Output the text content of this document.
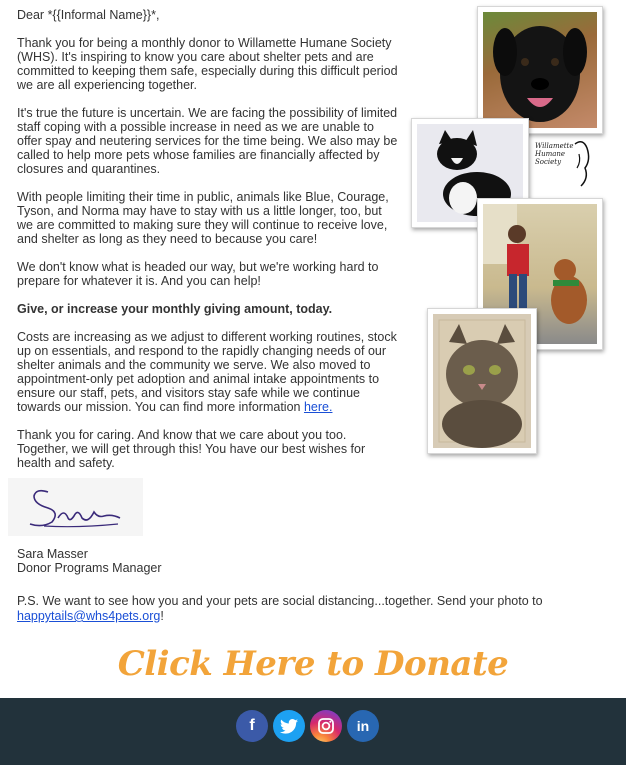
Dear *{{Informal Name}}*,

Thank you for being a monthly donor to Willamette Humane Society (WHS). It's inspiring to know you care about shelter pets and are committed to keeping them safe, especially during this difficult period we are all experiencing together.

It's true the future is uncertain. We are facing the possibility of limited staff coping with a possible increase in need as we are unable to offer spay and neutering services for the time being. We also may be called to help more pets whose families are financially affected by closures and quarantines.

With people limiting their time in public, animals like Blue, Courage, Tyson, and Norma may have to stay with us a little longer, too, but we are committed to making sure they will continue to receive love, and shelter as long as they need to because you care!

We don't know what is headed our way, but we're working hard to prepare for whatever it is. And you can help!

Give, or increase your monthly giving amount, today.

Costs are increasing as we adjust to different working routines, stock up on essentials, and respond to the rapidly changing needs of our shelter animals and the community we serve. We also moved to appointment-only pet adoption and animal intake appointments to ensure our staff, pets, and visitors stay safe while we continue towards our mission. You can find more information here.

Thank you for caring. And know that we care about you too. Together, we will get through this! You have our best wishes for health and safety.

Willamette
Humane
Society
Sara Masser
Donor Programs Manager
P.S. We want to see how you and your pets are social distancing...together. Send your photo to
happytails@whs4pets.org!
Click Here to Donate
f	in
